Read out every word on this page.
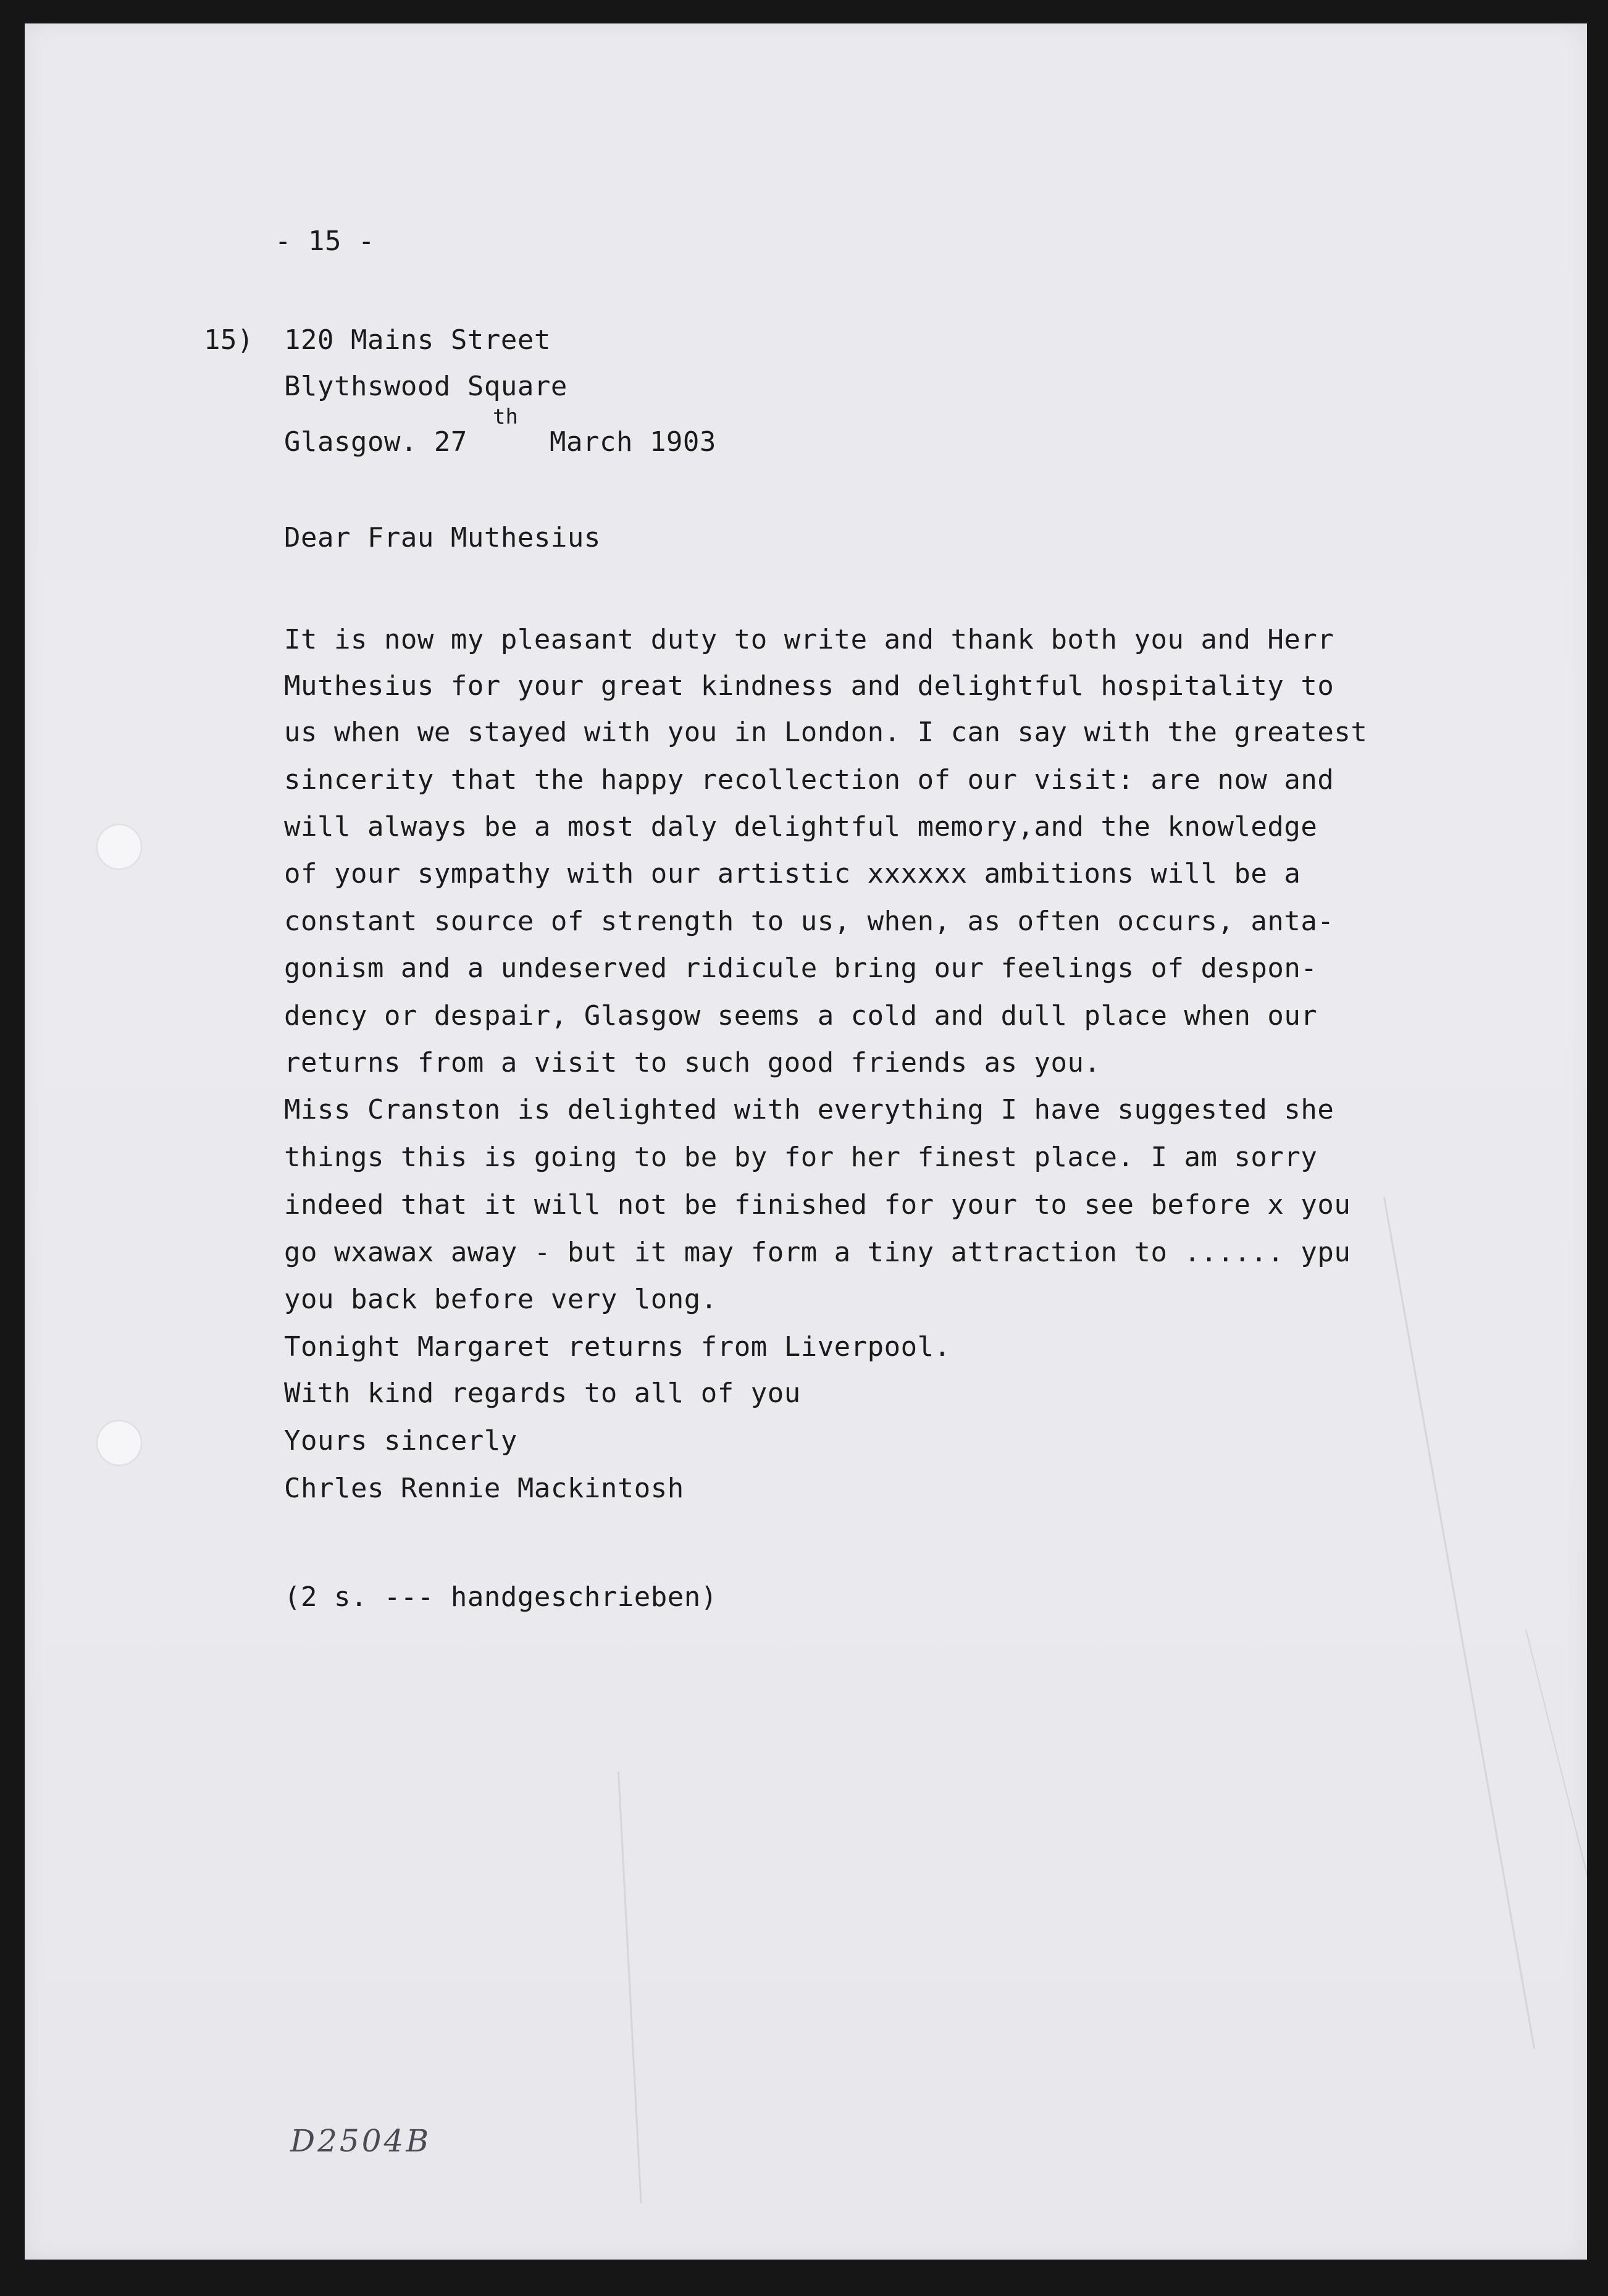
- 15 -
15) 120 Mains Street
Blythswood Square
Glasgow. 27
th
March 1903
Dear Frau Muthesius
It is now my pleasant duty to write and thank both you and Herr
Muthesius for your great kindness and delightful hospitality to
us when we stayed with you in London. I can say with the greatest
sincerity that the happy recollection of our visit: are now and
will always be a most daly delightful memory,and the knowledge
of your sympathy with our artistic xxxxxx ambitions will be a
constant source of strength to us, when, as often occurs, anta-
gonism and a undeserved ridicule bring our feelings of despon-
dency or despair, Glasgow seems a cold and dull place when our
returns from a visit to such good friends as you.
Miss Cranston is delighted with everything I have suggested she
things this is going to be by for her finest place. I am sorry
indeed that it will not be finished for your to see before x you
go wxawax away - but it may form a tiny attraction to ...... ypu
you back before very long.
Tonight Margaret returns from Liverpool.
With kind regards to all of you
Yours sincerly
Chrles Rennie Mackintosh
(2 s. --- handgeschrieben)
D2504B
